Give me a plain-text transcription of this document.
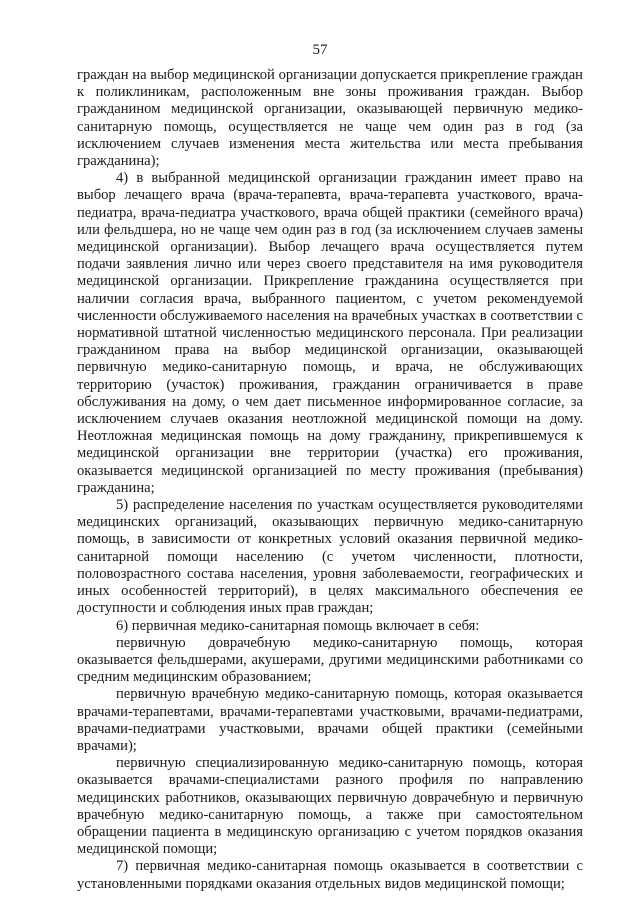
57

граждан на выбор медицинской организации допускается прикрепление граждан к поликлиникам, расположенным вне зоны проживания граждан. Выбор гражданином медицинской организации, оказывающей первичную медико-санитарную помощь, осуществляется не чаще чем один раз в год (за исключением случаев изменения места жительства или места пребывания гражданина);

4) в выбранной медицинской организации гражданин имеет право на выбор лечащего врача (врача-терапевта, врача-терапевта участкового, врача-педиатра, врача-педиатра участкового, врача общей практики (семейного врача) или фельдшера, но не чаще чем один раз в год (за исключением случаев замены медицинской организации). Выбор лечащего врача осуществляется путем подачи заявления лично или через своего представителя на имя руководителя медицинской организации. Прикрепление гражданина осуществляется при наличии согласия врача, выбранного пациентом, с учетом рекомендуемой численности обслуживаемого населения на врачебных участках в соответствии с нормативной штатной численностью медицинского персонала. При реализации гражданином права на выбор медицинской организации, оказывающей первичную медико-санитарную помощь, и врача, не обслуживающих территорию (участок) проживания, гражданин ограничивается в праве обслуживания на дому, о чем дает письменное информированное согласие, за исключением случаев оказания неотложной медицинской помощи на дому. Неотложная медицинская помощь на дому гражданину, прикрепившемуся к медицинской организации вне территории (участка) его проживания, оказывается медицинской организацией по месту проживания (пребывания) гражданина;

5) распределение населения по участкам осуществляется руководителями медицинских организаций, оказывающих первичную медико-санитарную помощь, в зависимости от конкретных условий оказания первичной медико-санитарной помощи населению (с учетом численности, плотности, половозрастного состава населения, уровня заболеваемости, географических и иных особенностей территорий), в целях максимального обеспечения ее доступности и соблюдения иных прав граждан;

6) первичная медико-санитарная помощь включает в себя:

первичную доврачебную медико-санитарную помощь, которая оказывается фельдшерами, акушерами, другими медицинскими работниками со средним медицинским образованием;

первичную врачебную медико-санитарную помощь, которая оказывается врачами-терапевтами, врачами-терапевтами участковыми, врачами-педиатрами, врачами-педиатрами участковыми, врачами общей практики (семейными врачами);

первичную специализированную медико-санитарную помощь, которая оказывается врачами-специалистами разного профиля по направлению медицинских работников, оказывающих первичную доврачебную и первичную врачебную медико-санитарную помощь, а также при самостоятельном обращении пациента в медицинскую организацию с учетом порядков оказания медицинской помощи;

7) первичная медико-санитарная помощь оказывается в соответствии с установленными порядками оказания отдельных видов медицинской помощи;
